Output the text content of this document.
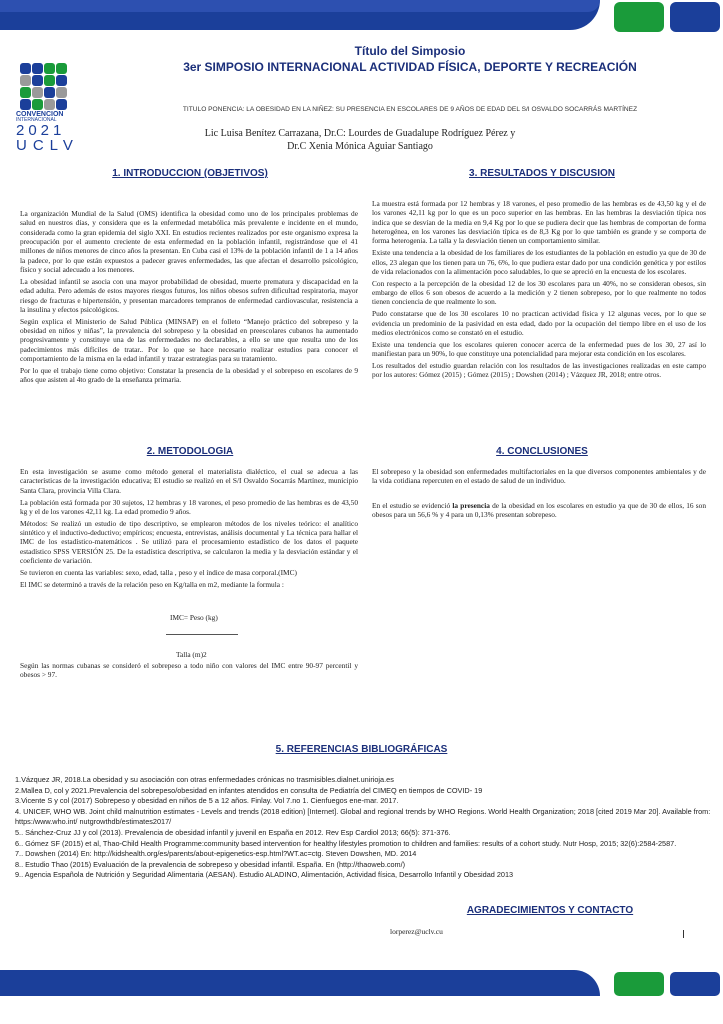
CONVENCION
INTERNACIONAL
2021
UCLV
Título del Simposio
3er SIMPOSIO INTERNACIONAL ACTIVIDAD FÍSICA, DEPORTE Y RECREACIÓN
TITULO PONENCIA: LA OBESIDAD EN LA NIÑEZ: SU PRESENCIA EN ESCOLARES DE 9 AÑOS DE EDAD DEL S/I OSVALDO SOCARRÁS MARTÍNEZ
Lic Luisa Benítez Carrazana, Dr.C: Lourdes de Guadalupe Rodríguez Pérez y
Dr.C Xenia Mónica Aguiar Santiago
1. INTRODUCCION (OBJETIVOS)

La organización Mundial de la Salud (OMS) identifica la obesidad como uno de los principales problemas de salud en nuestros días, y considera que es la enfermedad metabólica más prevalente e incidente en el mundo, considerada como la gran epidemia del siglo XXI. En estudios recientes realizados por este organismo expresa la preocupación por el aumento creciente de esta enfermedad en la población infantil, registrándose que el 41 millones de niños menores de cinco años la presentan. En Cuba casi el 13% de la población infantil de 1 a 14 años la padece, por lo que están expuestos a padecer graves enfermedades, las que afectan el desarrollo psicológico, físico y social adecuado a los menores.

La obesidad infantil se asocia con una mayor probabilidad de obesidad, muerte prematura y discapacidad en la edad adulta. Pero además de estos mayores riesgos futuros, los niños obesos sufren dificultad respiratoria, mayor riesgo de fracturas e hipertensión, y presentan marcadores tempranos de enfermedad cardiovascular, resistencia a la insulina y efectos psicológicos.

Según explica el Ministerio de Salud Pública (MINSAP) en el folleto “Manejo práctico del sobrepeso y la obesidad en niños y niñas”, la prevalencia del sobrepeso y la obesidad en preescolares cubanos ha aumentado progresivamente y constituye una de las enfermedades no declarables, a ello se une que resulta uno de los padecimientos más difíciles de tratar.. Por lo que se hace necesario realizar estudios para conocer el comportamiento de la misma en la edad infantil y trazar estrategias para su tratamiento.

Por lo que el trabajo tiene como objetivo: Constatar la presencia de la obesidad y el sobrepeso en escolares de 9 años que asisten al 4to grado de la enseñanza primaria.

2. METODOLOGIA

En esta investigación se asume como método general el materialista dialéctico, el cual se adecua a las características de la investigación educativa; El estudio se realizó en el S/I Osvaldo Socarrás Martínez, municipio Santa Clara, provincia Villa Clara.

La población está formada por 30 sujetos, 12 hembras y 18 varones, el peso promedio de las hembras es de 43,50 kg y el de los varones 42,11 kg. La edad promedio 9 años.

Métodos: Se realizó un estudio de tipo descriptivo, se emplearon métodos de los niveles teórico: el analítico sintético y el inductivo-deductivo; empíricos; encuesta, entrevistas, análisis documental y La técnica para hallar el IMC de los estadístico-matemáticos . Se utilizó para el procesamiento estadístico de los datos el paquete estadístico SPSS VERSIÓN 25. De la estadística descriptiva, se calcularon la media y la desviación estándar y el coeficiente de variación.

Se tuvieron en cuenta las variables: sexo, edad, talla , peso y el índice de masa corporal.(IMC)

El IMC se determinó a través de la relación peso en Kg/talla en m2, mediante la formula :

IMC= Peso (kg)
Talla (m)2

Según las normas cubanas se consideró el sobrepeso a todo niño con valores del IMC entre 90-97 percentil y obesos > 97.

3. RESULTADOS Y DISCUSION

La muestra está formada por 12 hembras y 18 varones, el peso promedio de las hembras es de 43,50 kg y el de los varones 42,11 kg por lo que es un poco superior en las hembras. En las hembras la desviación típica nos indica que se desvían de la media en 9,4 Kg por lo que se pudiera decir que las hembras de comportan de forma heterogénea, en los varones las desviación típica es de 8,3 Kg por lo que también es grande y se comporta de forma heterogenia. La talla y la desviación tienen un comportamiento similar.

Existe una tendencia a la obesidad de los familiares de los estudiantes de la población en estudio ya que de 30 de ellos, 23 alegan que los tienen para un 76, 6%, lo que pudiera estar dado por una condición genética y por estilos de vida relacionados con la alimentación poco saludables, lo que se apreció en la encuesta de los escolares.

Con respecto a la percepción de la obesidad 12 de los 30 escolares para un 40%, no se consideran obesos, sin embargo de ellos 6 son obesos de acuerdo a la medición y 2 tienen sobrepeso, por lo que realmente no todos tienen conciencia de que realmente lo son.

Pudo constatarse que de los 30 escolares 10 no practican actividad física y 12 algunas veces, por lo que se evidencia un predominio de la pasividad en esta edad, dado por la ocupación del tiempo libre en el uso de los medios electrónicos como se constató en el estudio.

Existe una tendencia que los escolares quieren conocer acerca de la enfermedad pues de los 30, 27 así lo manifiestan para un 90%, lo que constituye una potencialidad para mejorar esta condición en los escolares.

Los resultados del estudio guardan relación con los resultados de las investigaciones realizadas en este campo por los autores: Gómez (2015) ; Gómez (2015) ; Dowshen (2014) ; Vázquez JR, 2018; entre otros.

4. CONCLUSIONES

El sobrepeso y la obesidad son enfermedades multifactoriales en la que diversos componentes ambientales y de la vida cotidiana repercuten en el estado de salud de un individuo.

En el estudio se evidenció la presencia de la obesidad en los escolares en estudio ya que de 30 de ellos, 16 son obesos para un 56,6 % y 4 para un 0,13% presentan sobrepeso.

5. REFERENCIAS BIBLIOGRÁFICAS
1.Vázquez JR, 2018.La obesidad y su asociación con otras enfermedades crónicas no trasmisibles.dialnet.unirioja.es
2.Mallea D, col y 2021.Prevalencia del sobrepeso/obesidad en infantes atendidos en consulta de Pediatría del CIMEQ en tiempos de COVID- 19
3.Vicente S y col (2017) Sobrepeso y obesidad en niños de 5 a 12 años. Finlay. Vol 7.no 1. Cienfuegos ene-mar. 2017.
4. UNICEF, WHO WB. Joint child malnutrition estimates - Levels and trends (2018 edition) [Internet]. Global and regional trends by WHO Regions. World Health Organization; 2018 [cited 2019 Mar 20]. Available from: https:/www.who.int/ nutgrowthdb/estimates2017/
5.. Sánchez-Cruz JJ y col (2013). Prevalencia de obesidad infantil y juvenil en España en 2012. Rev Esp Cardiol 2013; 66(5): 371-376.
6.. Gómez SF (2015) et al, Thao-Child Health Programme:community based intervention for healthy lifestyles promotion to children and families: results of a cohort study. Nutr Hosp, 2015; 32(6):2584-2587.
7.. Dowshen (2014) En: http://kidshealth.org/es/parents/about-epigenetics-esp.html?WT.ac=ctg. Steven Dowshen, MD. 2014
8.. Estudio Thao (2015) Evaluación de la prevalencia de sobrepeso y obesidad infantil. España. En (http://thaoweb.com/)
9.. Agencia Española de Nutrición y Seguridad Alimentaria (AESAN). Estudio ALADINO, Alimentación, Actividad física, Desarrollo Infantil y Obesidad 2013
AGRADECIMIENTOS Y CONTACTO
lorperez@uclv.cu
